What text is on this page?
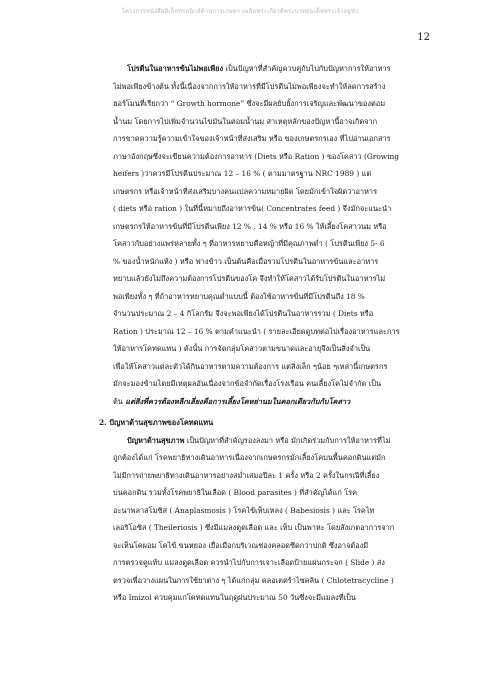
โครงการหนังสืออิเล็กทรอนิกส์ด้านการเกษตร เฉลิมพระเกียรติพระบาทสมเด็จพระเจ้าอยู่หัว
12
โปรตีนในอาหารข้นไม่พอเพียง เป็นปัญหาที่สำคัญควบคู่กับไปกับปัญหาการให้อาหาร
ไม่พอเพียงข้างต้น ทั้งนี้เนื่องจากการให้อาหารที่มีโปรตีนไม่พอเพียงจะทำให้ลดการสร้าง
ฮอร์โมนที่เรียกว่า “ Growth hormone” ซึ่งจะมีผลยับยั้งการเจริญและพัฒนาของต่อม
น้ำนม โดยการไปเพิ่มจำนวนไขมันในต่อมน้ำนม สาเหตุหลักของปัญหานี้อาจเกิดจาก
การขาดความรู้ความเข้าใจของเจ้าหน้าที่ส่งเสริม หรือ ของเกษตรกรเอง ที่ไปอ่านเอกสาร
ภาษาอังกฤษซึ่งจะเขียนความต้องการอาหาร (Diets หรือ Ration ) ของโคสาว (Growing
heifers )ว่าควรมีโปรตีนประมาณ 12 – 16 % ( ตามมาตรฐาน NRC 1989 ) แต่
เกษตรกร หรือเจ้าหน้าที่ส่งเสริมบางคนแปลความหมายผิด โดยมักเข้าใจผิดว่าอาหาร
( diets หรือ ration ) ในที่นี้หมายถึงอาหารข้น( Concentrates feed ) จึงมักจะแนะนำ
เกษตรกรให้อาหารข้นที่มีโปรตีนเพียง 12 % , 14 % หรือ 16 % ให้เลี้ยงโคสาวนม หรือ
โคสาวกับอย่างแพร่หลายทั้ง ๆ ที่อาหารหยาบคือหญ้าที่มีคุณภาพต่ำ ( โปรตีนเพียง 5- 6
% ของน้ำหนักแห้ง ) หรือ ฟางข้าว เป็นต้นคือเมื่อรวมโปรตีนในอาหารข้นและอาหาร
หยาบแล้วยังไม่ถึงความต้องการโปรตีนของโค จึงทำให้โคสาวได้รับโปรตีนในอาหารไม่
พอเพียงทั้ง ๆ ที่ถ้าอาหารหยาบคุณต่ำแบบนี้ ต้องใช้อาหารข้นที่มีโปรตีนถึง 18 %
จำนวนประมาณ 2 – 4 กิโลกรัม จึงจะพอเพียงได้โปรตีนในอาหารรวม ( Diets หรือ
Ration ) ประมาณ 12 – 16 % ตามคำแนะนำ ( รายละเอียดดูบทต่อไปเรื่องอาหารและการ
ให้อาหารโคทดแทน ) ดังนั้น การจัดกลุ่มโคสาวตามขนาดและอายุจึงเป็นสิ่งจำเป็น
เพื่อให้โคสาวแต่ละตัวได้กินอาหารตามความต้องการ แต่สิ่งเล็ก ๆน้อย ๆเหล่านี้เกษตรกร
มักจะมองข้ามไดยมีเหตุผลอันเนื่องจากข้อจำกัดเรื่องโรงเรือน คนเลี้ยงโคไม่จำกัด เป็น
ต้น แต่สิ่งที่ควรต้องหลีกเลี่ยงคือการเลี้ยงโคหย่านมในคอกเดียวกับกับโคสาว
2. ปัญหาด้านสุขภาพของโคทดแทน
ปัญหาด้านสุขภาพ เป็นปัญหาที่สำคัญรองลงมา หรือ มักเกิดร่วมกับการให้อาหารที่ไม่
ถูกต้องได้แก่ โรคพยาธิทางเดินอาหารเนื่องจากเกษตรกรมักเลี้ยงโคบนพื้นคอกดินแต่มัก
ไม่มีการถ่ายพยาธิทางเดินอาหารอย่างสม่ำเสมอปีละ 1 ครั้ง หรือ 2 ครั้งในกรณีที่เลี้ยง
บนคอกดิน รวมทั้งโรคพยาธิในเลือด ( Blood parasites ) ที่สำคัญได้แก่ โรค
อะนาพลาสโมซิส ( Anaplasmosis ) โรคไข้เห็บเหลง ( Babesiosis ) และ โรคไท
เลอริโอซิส ( Theileriosis ) ซึ่งมีแมลงดูดเลือด และ เห็บ เป็นพาหะ โดยสังเกตอาการจาก
จะเห็นโคผอม โคไข้ ขนหยอง เยื่อเมือกบริเวณช่องคลอดซีดกว่าปกติ ซึ่งอาจต้องมี
การตรวจคูแท้บ แมลงดูดเลือด ควรนำไปกับการเจาะเลือดป้ายแผ่นกระจก ( Slide ) ส่ง
ตรวจเพื่อวางแผนในการใช้ยาต่าง ๆ ได้แก่กลุ่ม คลอเตตร้าไซคลิน ( Chlotetracycline )
หรือ Imizol ควบคุมแก่โคทดแทนในฤดูฝนประมาณ 50 วันซึ่งจะมีแมลงที่เป็น
